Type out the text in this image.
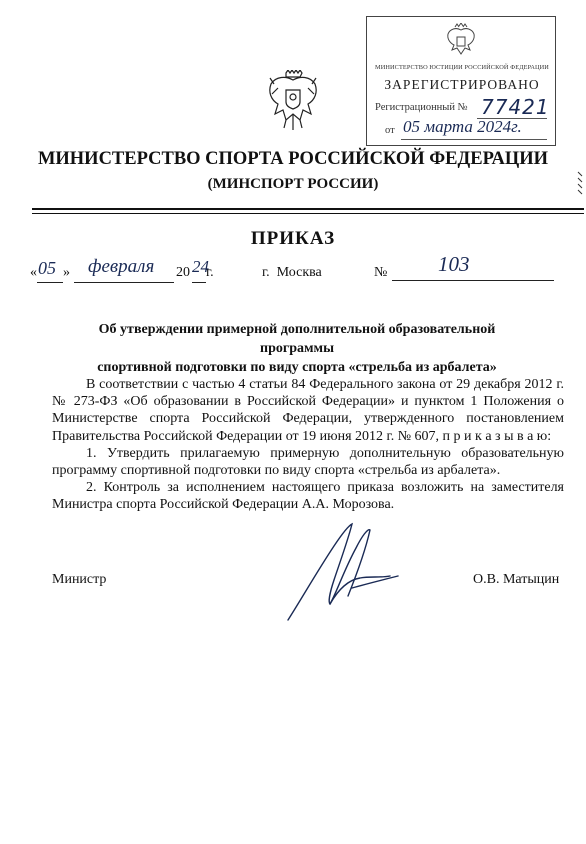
МИНИСТЕРСТВО ЮСТИЦИИ РОССИЙСКОЙ ФЕДЕРАЦИИ
ЗАРЕГИСТРИРОВАНО
Регистрационный № 77421
от 05 марта 2024г.
МИНИСТЕРСТВО СПОРТА РОССИЙСКОЙ ФЕДЕРАЦИИ
(МИНСПОРТ РОССИИ)
ПРИКАЗ
« 05 » февраля 20 24
г.	г.  Москва	№ 103
Об утверждении примерной дополнительной образовательной программы
спортивной подготовки по виду спорта «стрельба из арбалета»

В соответствии с частью 4 статьи 84 Федерального закона от 29 декабря 2012 г. № 273-ФЗ «Об образовании в Российской Федерации» и пунктом 1 Положения о Министерстве спорта Российской Федерации, утвержденного постановлением Правительства Российской Федерации от 19 июня 2012 г. № 607, п р и к а з ы в а ю:

1. Утвердить прилагаемую примерную дополнительную образовательную программу спортивной подготовки по виду спорта «стрельба из арбалета».

2. Контроль за исполнением настоящего приказа возложить на заместителя Министра спорта Российской Федерации А.А. Морозова.

Министр	О.В. Матыцин
